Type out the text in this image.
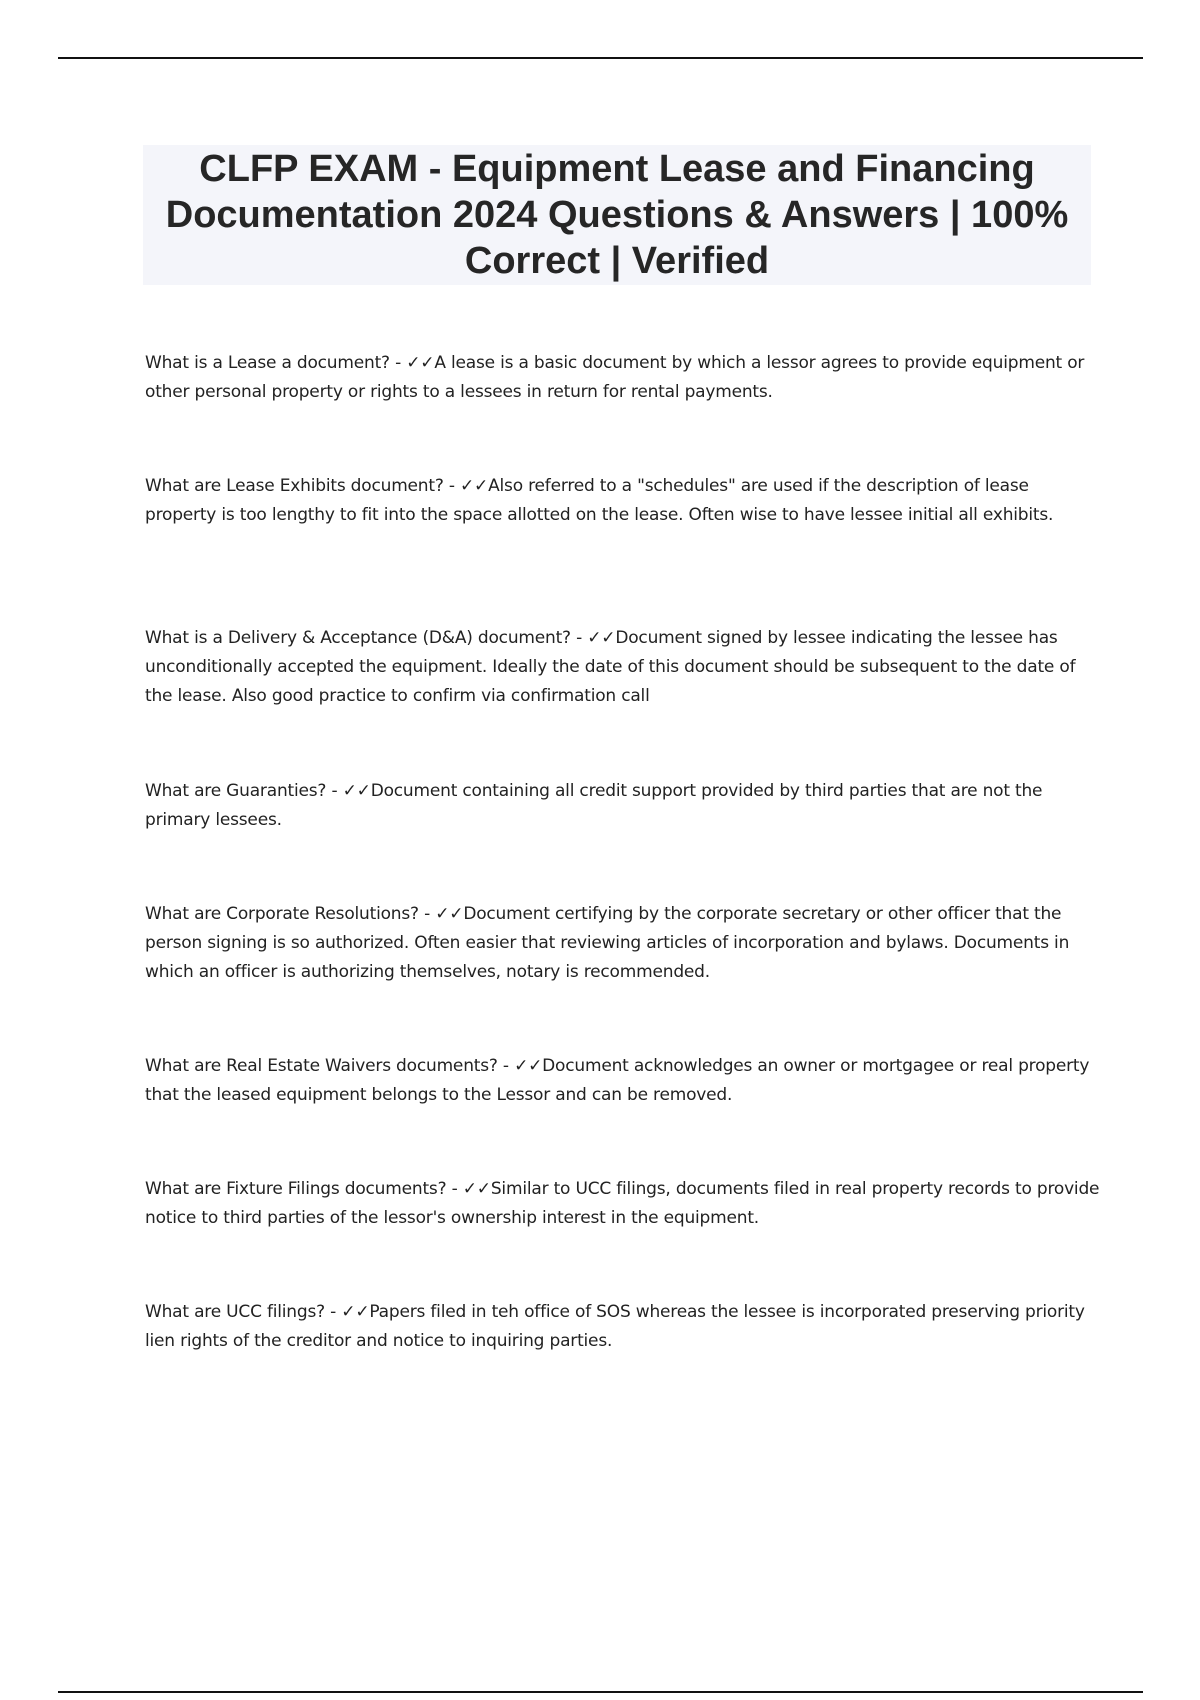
CLFP EXAM - Equipment Lease and Financing Documentation 2024 Questions & Answers | 100% Correct | Verified

What is a Lease a document? - ✓✓A lease is a basic document by which a lessor agrees to provide equipment or other personal property or rights to a lessees in return for rental payments.

What are Lease Exhibits document? - ✓✓Also referred to a "schedules" are used if the description of lease property is too lengthy to fit into the space allotted on the lease. Often wise to have lessee initial all exhibits.

What is a Delivery & Acceptance (D&A) document? - ✓✓Document signed by lessee indicating the lessee has unconditionally accepted the equipment. Ideally the date of this document should be subsequent to the date of the lease. Also good practice to confirm via confirmation call

What are Guaranties? - ✓✓Document containing all credit support provided by third parties that are not the primary lessees.

What are Corporate Resolutions? - ✓✓Document certifying by the corporate secretary or other officer that the person signing is so authorized. Often easier that reviewing articles of incorporation and bylaws. Documents in which an officer is authorizing themselves, notary is recommended.

What are Real Estate Waivers documents? - ✓✓Document acknowledges an owner or mortgagee or real property that the leased equipment belongs to the Lessor and can be removed.

What are Fixture Filings documents? - ✓✓Similar to UCC filings, documents filed in real property records to provide notice to third parties of the lessor's ownership interest in the equipment.

What are UCC filings? - ✓✓Papers filed in teh office of SOS whereas the lessee is incorporated preserving priority lien rights of the creditor and notice to inquiring parties.
